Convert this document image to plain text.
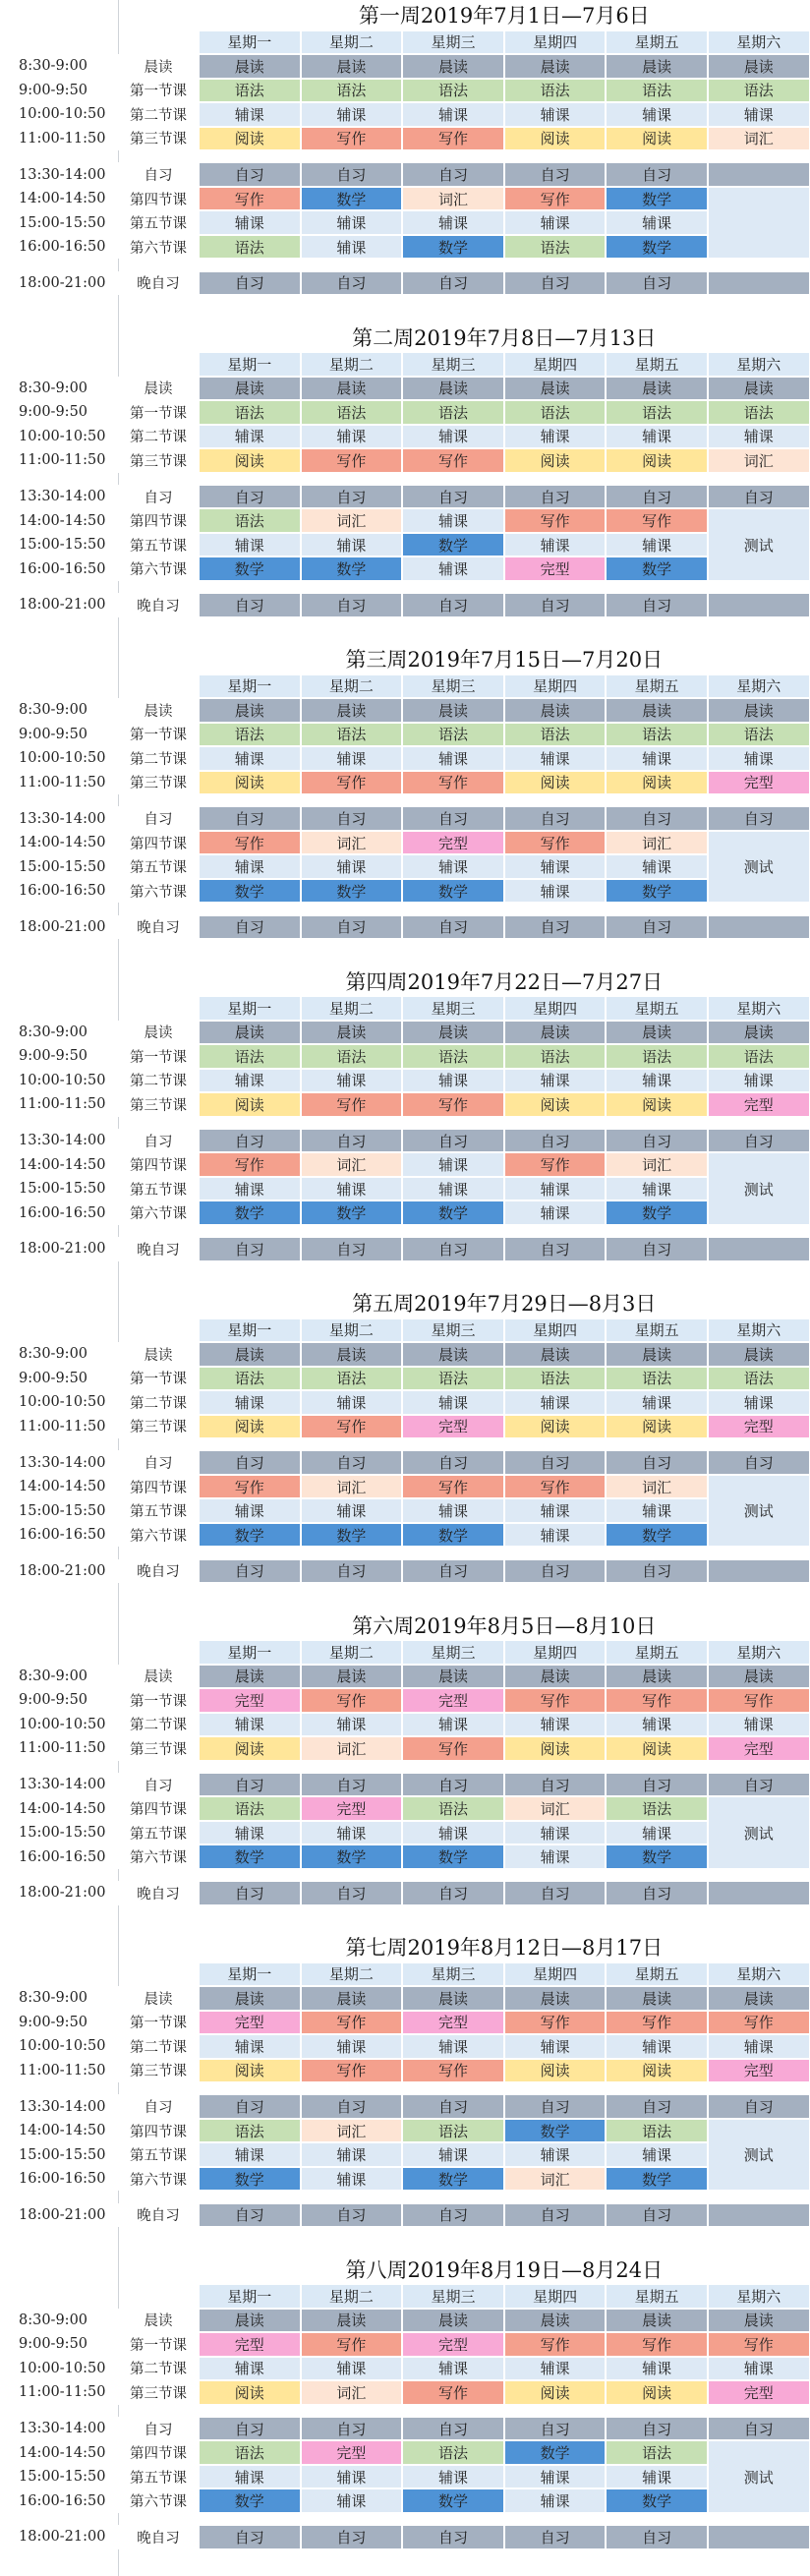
第一周2019年7月1日—7月6日
星期一	星期二	星期三	星期四	星期五	星期六
8:30-9:00	晨读	晨读	晨读	晨读	晨读	晨读	晨读
9:00-9:50	第一节课	语法	语法	语法	语法	语法	语法
10:00-10:50	第二节课	辅课	辅课	辅课	辅课	辅课	辅课
11:00-11:50	第三节课	阅读	写作	写作	阅读	阅读	词汇
13:30-14:00	自习	自习	自习	自习	自习	自习
14:00-14:50	第四节课	写作	数学	词汇	写作	数学
15:00-15:50	第五节课	辅课	辅课	辅课	辅课	辅课
16:00-16:50	第六节课	语法	辅课	数学	语法	数学
18:00-21:00	晚自习	自习	自习	自习	自习	自习
第二周2019年7月8日—7月13日
星期一	星期二	星期三	星期四	星期五	星期六
8:30-9:00	晨读	晨读	晨读	晨读	晨读	晨读	晨读
9:00-9:50	第一节课	语法	语法	语法	语法	语法	语法
10:00-10:50	第二节课	辅课	辅课	辅课	辅课	辅课	辅课
11:00-11:50	第三节课	阅读	写作	写作	阅读	阅读	词汇
13:30-14:00	自习	自习	自习	自习	自习	自习	自习
14:00-14:50	第四节课	语法	词汇	辅课	写作	写作
15:00-15:50	第五节课	辅课	辅课	数学	辅课	辅课
16:00-16:50	第六节课	数学	数学	辅课	完型	数学
测试
18:00-21:00	晚自习	自习	自习	自习	自习	自习
第三周2019年7月15日—7月20日
星期一	星期二	星期三	星期四	星期五	星期六
8:30-9:00	晨读	晨读	晨读	晨读	晨读	晨读	晨读
9:00-9:50	第一节课	语法	语法	语法	语法	语法	语法
10:00-10:50	第二节课	辅课	辅课	辅课	辅课	辅课	辅课
11:00-11:50	第三节课	阅读	写作	写作	阅读	阅读	完型
13:30-14:00	自习	自习	自习	自习	自习	自习	自习
14:00-14:50	第四节课	写作	词汇	完型	写作	词汇
15:00-15:50	第五节课	辅课	辅课	辅课	辅课	辅课
16:00-16:50	第六节课	数学	数学	数学	辅课	数学
测试
18:00-21:00	晚自习	自习	自习	自习	自习	自习
第四周2019年7月22日—7月27日
星期一	星期二	星期三	星期四	星期五	星期六
8:30-9:00	晨读	晨读	晨读	晨读	晨读	晨读	晨读
9:00-9:50	第一节课	语法	语法	语法	语法	语法	语法
10:00-10:50	第二节课	辅课	辅课	辅课	辅课	辅课	辅课
11:00-11:50	第三节课	阅读	写作	写作	阅读	阅读	完型
13:30-14:00	自习	自习	自习	自习	自习	自习	自习
14:00-14:50	第四节课	写作	词汇	辅课	写作	词汇
15:00-15:50	第五节课	辅课	辅课	辅课	辅课	辅课
16:00-16:50	第六节课	数学	数学	数学	辅课	数学
测试
18:00-21:00	晚自习	自习	自习	自习	自习	自习
第五周2019年7月29日—8月3日
星期一	星期二	星期三	星期四	星期五	星期六
8:30-9:00	晨读	晨读	晨读	晨读	晨读	晨读	晨读
9:00-9:50	第一节课	语法	语法	语法	语法	语法	语法
10:00-10:50	第二节课	辅课	辅课	辅课	辅课	辅课	辅课
11:00-11:50	第三节课	阅读	写作	完型	阅读	阅读	完型
13:30-14:00	自习	自习	自习	自习	自习	自习	自习
14:00-14:50	第四节课	写作	词汇	写作	写作	词汇
15:00-15:50	第五节课	辅课	辅课	辅课	辅课	辅课
16:00-16:50	第六节课	数学	数学	数学	辅课	数学
测试
18:00-21:00	晚自习	自习	自习	自习	自习	自习
第六周2019年8月5日—8月10日
星期一	星期二	星期三	星期四	星期五	星期六
8:30-9:00	晨读	晨读	晨读	晨读	晨读	晨读	晨读
9:00-9:50	第一节课	完型	写作	完型	写作	写作	写作
10:00-10:50	第二节课	辅课	辅课	辅课	辅课	辅课	辅课
11:00-11:50	第三节课	阅读	词汇	写作	阅读	阅读	完型
13:30-14:00	自习	自习	自习	自习	自习	自习	自习
14:00-14:50	第四节课	语法	完型	语法	词汇	语法
15:00-15:50	第五节课	辅课	辅课	辅课	辅课	辅课
16:00-16:50	第六节课	数学	数学	数学	辅课	数学
测试
18:00-21:00	晚自习	自习	自习	自习	自习	自习
第七周2019年8月12日—8月17日
星期一	星期二	星期三	星期四	星期五	星期六
8:30-9:00	晨读	晨读	晨读	晨读	晨读	晨读	晨读
9:00-9:50	第一节课	完型	写作	完型	写作	写作	写作
10:00-10:50	第二节课	辅课	辅课	辅课	辅课	辅课	辅课
11:00-11:50	第三节课	阅读	写作	写作	阅读	阅读	完型
13:30-14:00	自习	自习	自习	自习	自习	自习	自习
14:00-14:50	第四节课	语法	词汇	语法	数学	语法
15:00-15:50	第五节课	辅课	辅课	辅课	辅课	辅课
16:00-16:50	第六节课	数学	辅课	数学	词汇	数学
测试
18:00-21:00	晚自习	自习	自习	自习	自习	自习
第八周2019年8月19日—8月24日
星期一	星期二	星期三	星期四	星期五	星期六
8:30-9:00	晨读	晨读	晨读	晨读	晨读	晨读	晨读
9:00-9:50	第一节课	完型	写作	完型	写作	写作	写作
10:00-10:50	第二节课	辅课	辅课	辅课	辅课	辅课	辅课
11:00-11:50	第三节课	阅读	词汇	写作	阅读	阅读	完型
13:30-14:00	自习	自习	自习	自习	自习	自习	自习
14:00-14:50	第四节课	语法	完型	语法	数学	语法
15:00-15:50	第五节课	辅课	辅课	辅课	辅课	辅课
16:00-16:50	第六节课	数学	辅课	数学	辅课	数学
测试
18:00-21:00	晚自习	自习	自习	自习	自习	自习
